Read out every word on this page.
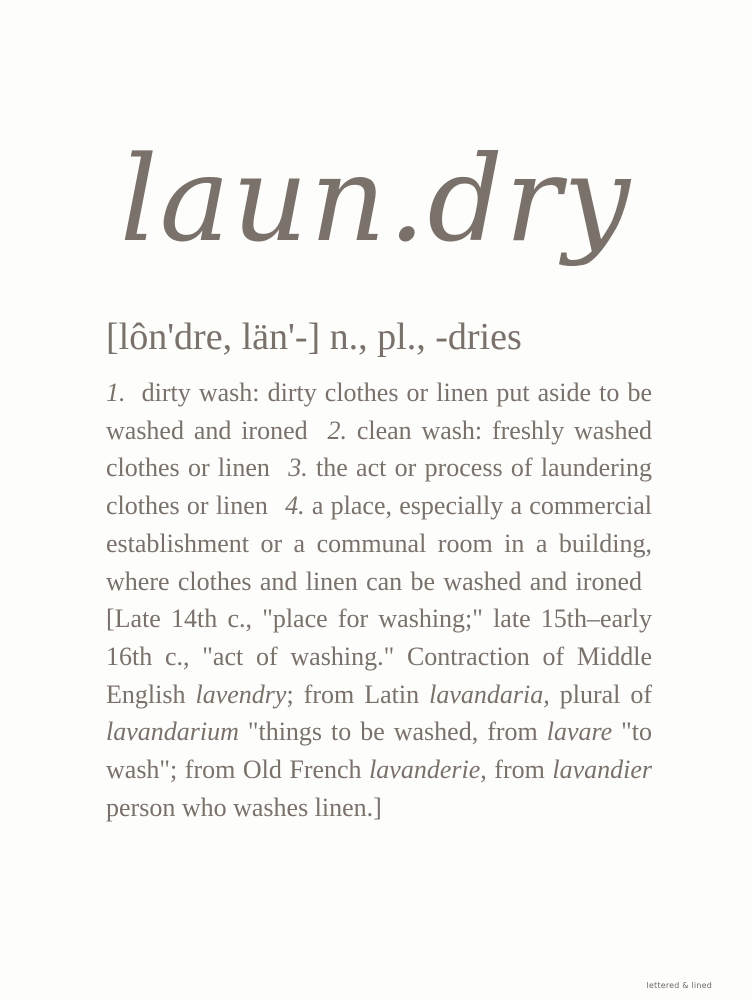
laun.dry
[lôn'dre, län'-] n., pl., -dries
1. dirty wash: dirty clothes or linen put aside to be washed and ironed 2. clean wash: freshly washed clothes or linen 3. the act or process of laundering clothes or linen 4. a place, especially a commercial establishment or a communal room in a building, where clothes and linen can be washed and ironed [Late 14th c., "place for washing;" late 15th–early 16th c., "act of washing." Contraction of Middle English lavendry; from Latin lavandaria, plural of lavandarium "things to be washed, from lavare "to wash"; from Old French lavanderie, from lavandier person who washes linen.]
lettered & lined
